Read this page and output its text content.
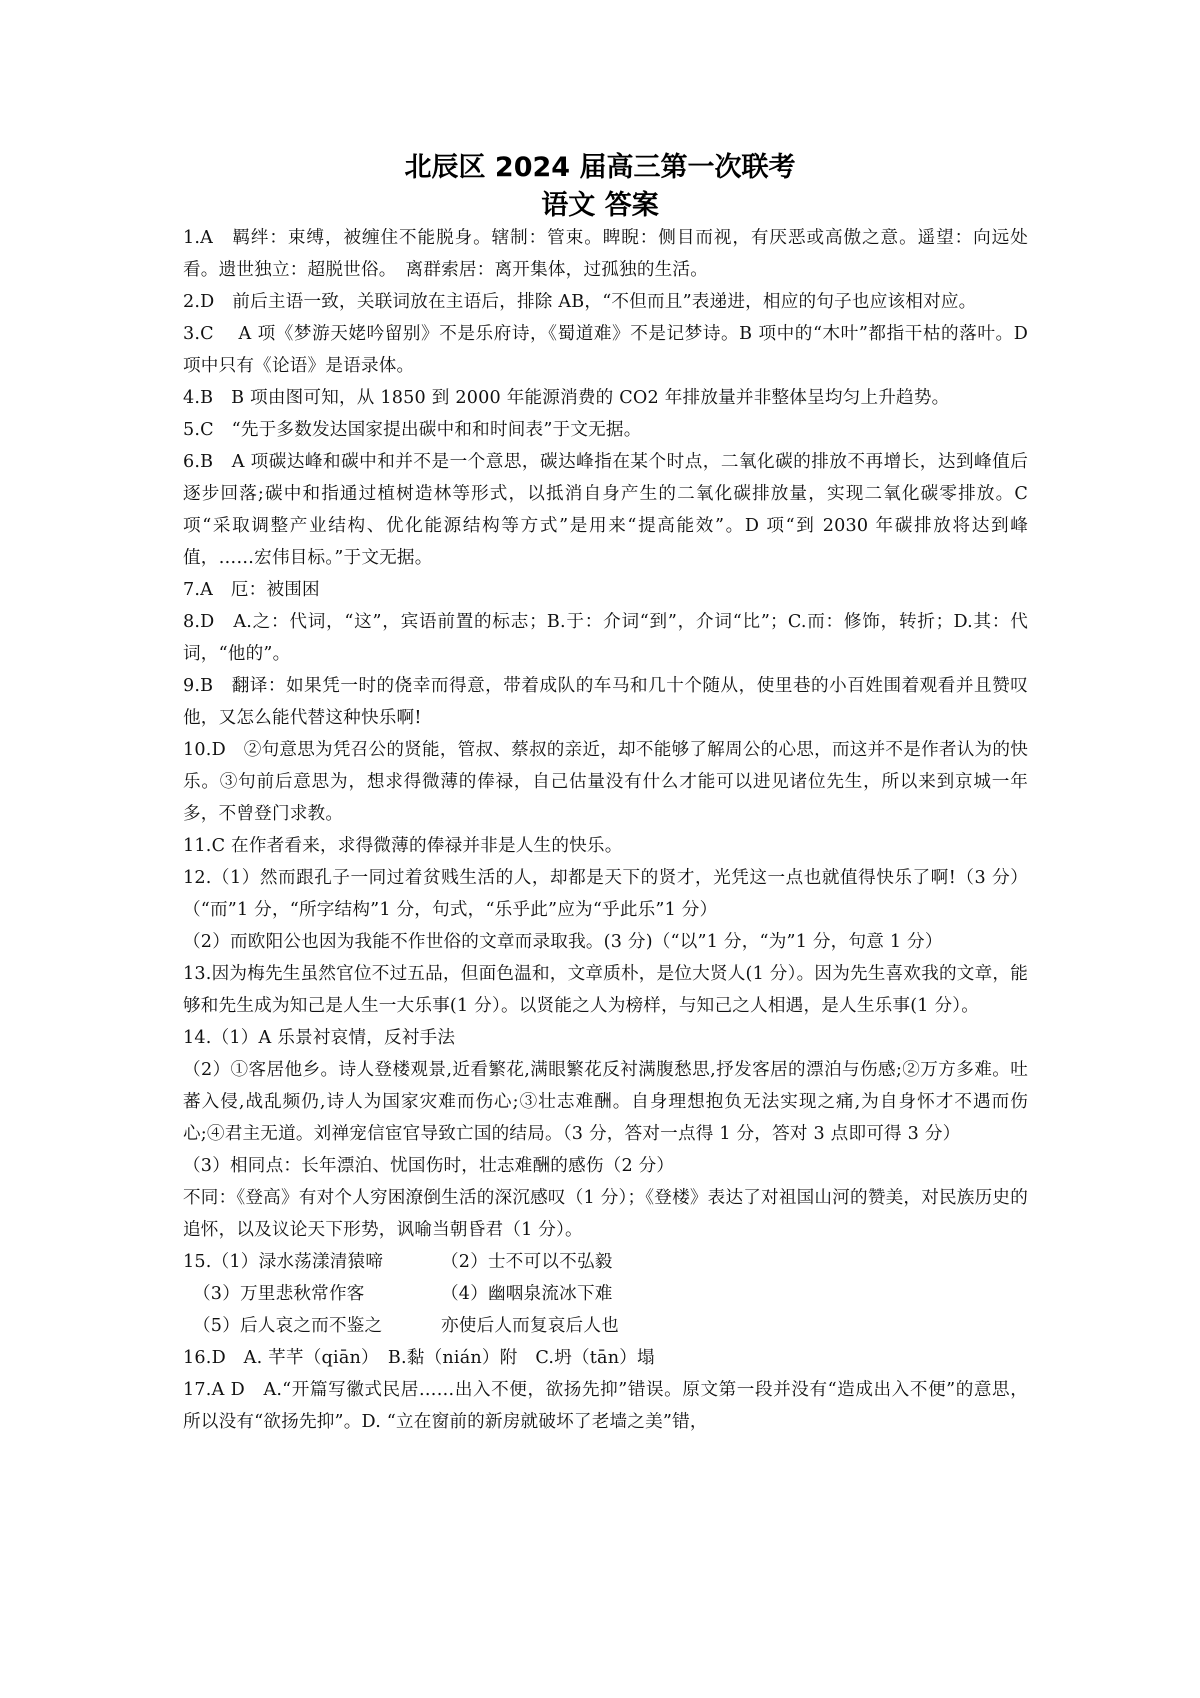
北辰区 2024 届高三第一次联考
语文 答案

1.A　羁绊：束缚，被缠住不能脱身。辖制：管束。睥睨：侧目而视，有厌恶或高傲之意。遥望：向远处看。遗世独立：超脱世俗。　离群索居：离开集体，过孤独的生活。

2.D　前后主语一致，关联词放在主语后，排除 AB，“不但而且”表递进，相应的句子也应该相对应。

3.C　 A 项《梦游天姥吟留别》不是乐府诗，《蜀道难》不是记梦诗。B 项中的“木叶”都指干枯的落叶。D 项中只有《论语》是语录体。

4.B　B 项由图可知，从 1850 到 2000 年能源消费的 CO2 年排放量并非整体呈均匀上升趋势。

5.C　“先于多数发达国家提出碳中和和时间表”于文无据。

6.B　A 项碳达峰和碳中和并不是一个意思，碳达峰指在某个时点，二氧化碳的排放不再增长，达到峰值后逐步回落;碳中和指通过植树造林等形式，以抵消自身产生的二氧化碳排放量，实现二氧化碳零排放。C 项“采取调整产业结构、优化能源结构等方式”是用来“提高能效”。D 项“到 2030 年碳排放将达到峰值，……宏伟目标。”于文无据。

7.A　厄：被围困

8.D　A.之：代词，“这”，宾语前置的标志；B.于：介词“到”，介词“比”；C.而：修饰，转折；D.其：代词，“他的”。

9.B　翻译：如果凭一时的侥幸而得意，带着成队的车马和几十个随从，使里巷的小百姓围着观看并且赞叹他，又怎么能代替这种快乐啊!

10.D　②句意思为凭召公的贤能，管叔、蔡叔的亲近，却不能够了解周公的心思，而这并不是作者认为的快乐。③句前后意思为，想求得微薄的俸禄，自己估量没有什么才能可以进见诸位先生，所以来到京城一年多，不曾登门求教。

11.C 在作者看来，求得微薄的俸禄并非是人生的快乐。

12.（1）然而跟孔子一同过着贫贱生活的人，却都是天下的贤才，光凭这一点也就值得快乐了啊!（3 分）（“而”1 分，“所字结构”1 分，句式，“乐乎此”应为“乎此乐”1 分）

（2）而欧阳公也因为我能不作世俗的文章而录取我。(3 分)（“以”1 分，“为”1 分，句意 1 分）

13.因为梅先生虽然官位不过五品，但面色温和，文章质朴，是位大贤人(1 分）。因为先生喜欢我的文章，能够和先生成为知己是人生一大乐事(1 分）。以贤能之人为榜样，与知己之人相遇，是人生乐事(1 分）。

14.（1）A 乐景衬哀情，反衬手法

（2）①客居他乡。诗人登楼观景,近看繁花,满眼繁花反衬满腹愁思,抒发客居的漂泊与伤感;②万方多难。吐蕃入侵,战乱频仍,诗人为国家灾难而伤心;③壮志难酬。自身理想抱负无法实现之痛,为自身怀才不遇而伤心;④君主无道。刘禅宠信宦官导致亡国的结局。（3 分，答对一点得 1 分，答对 3 点即可得 3 分）

（3）相同点：长年漂泊、忧国伤时，壮志难酬的感伤（2 分）

不同：《登高》有对个人穷困潦倒生活的深沉感叹（1 分）；《登楼》表达了对祖国山河的赞美，对民族历史的追怀，以及议论天下形势，讽喻当朝昏君（1 分）。

15.（1）渌水荡漾清猿啼	（2）士不可以不弘毅
（3）万里悲秋常作客	（4）幽咽泉流冰下难
（5）后人哀之而不鉴之	亦使后人而复哀后人也

16.D　A. 芊芊（qiān）　B.黏（nián）附　C.坍（tān）塌

17.A D　A.“开篇写徽式民居……出入不便，欲扬先抑”错误。原文第一段并没有“造成出入不便”的意思，所以没有“欲扬先抑”。D. “立在窗前的新房就破坏了老墙之美”错，
